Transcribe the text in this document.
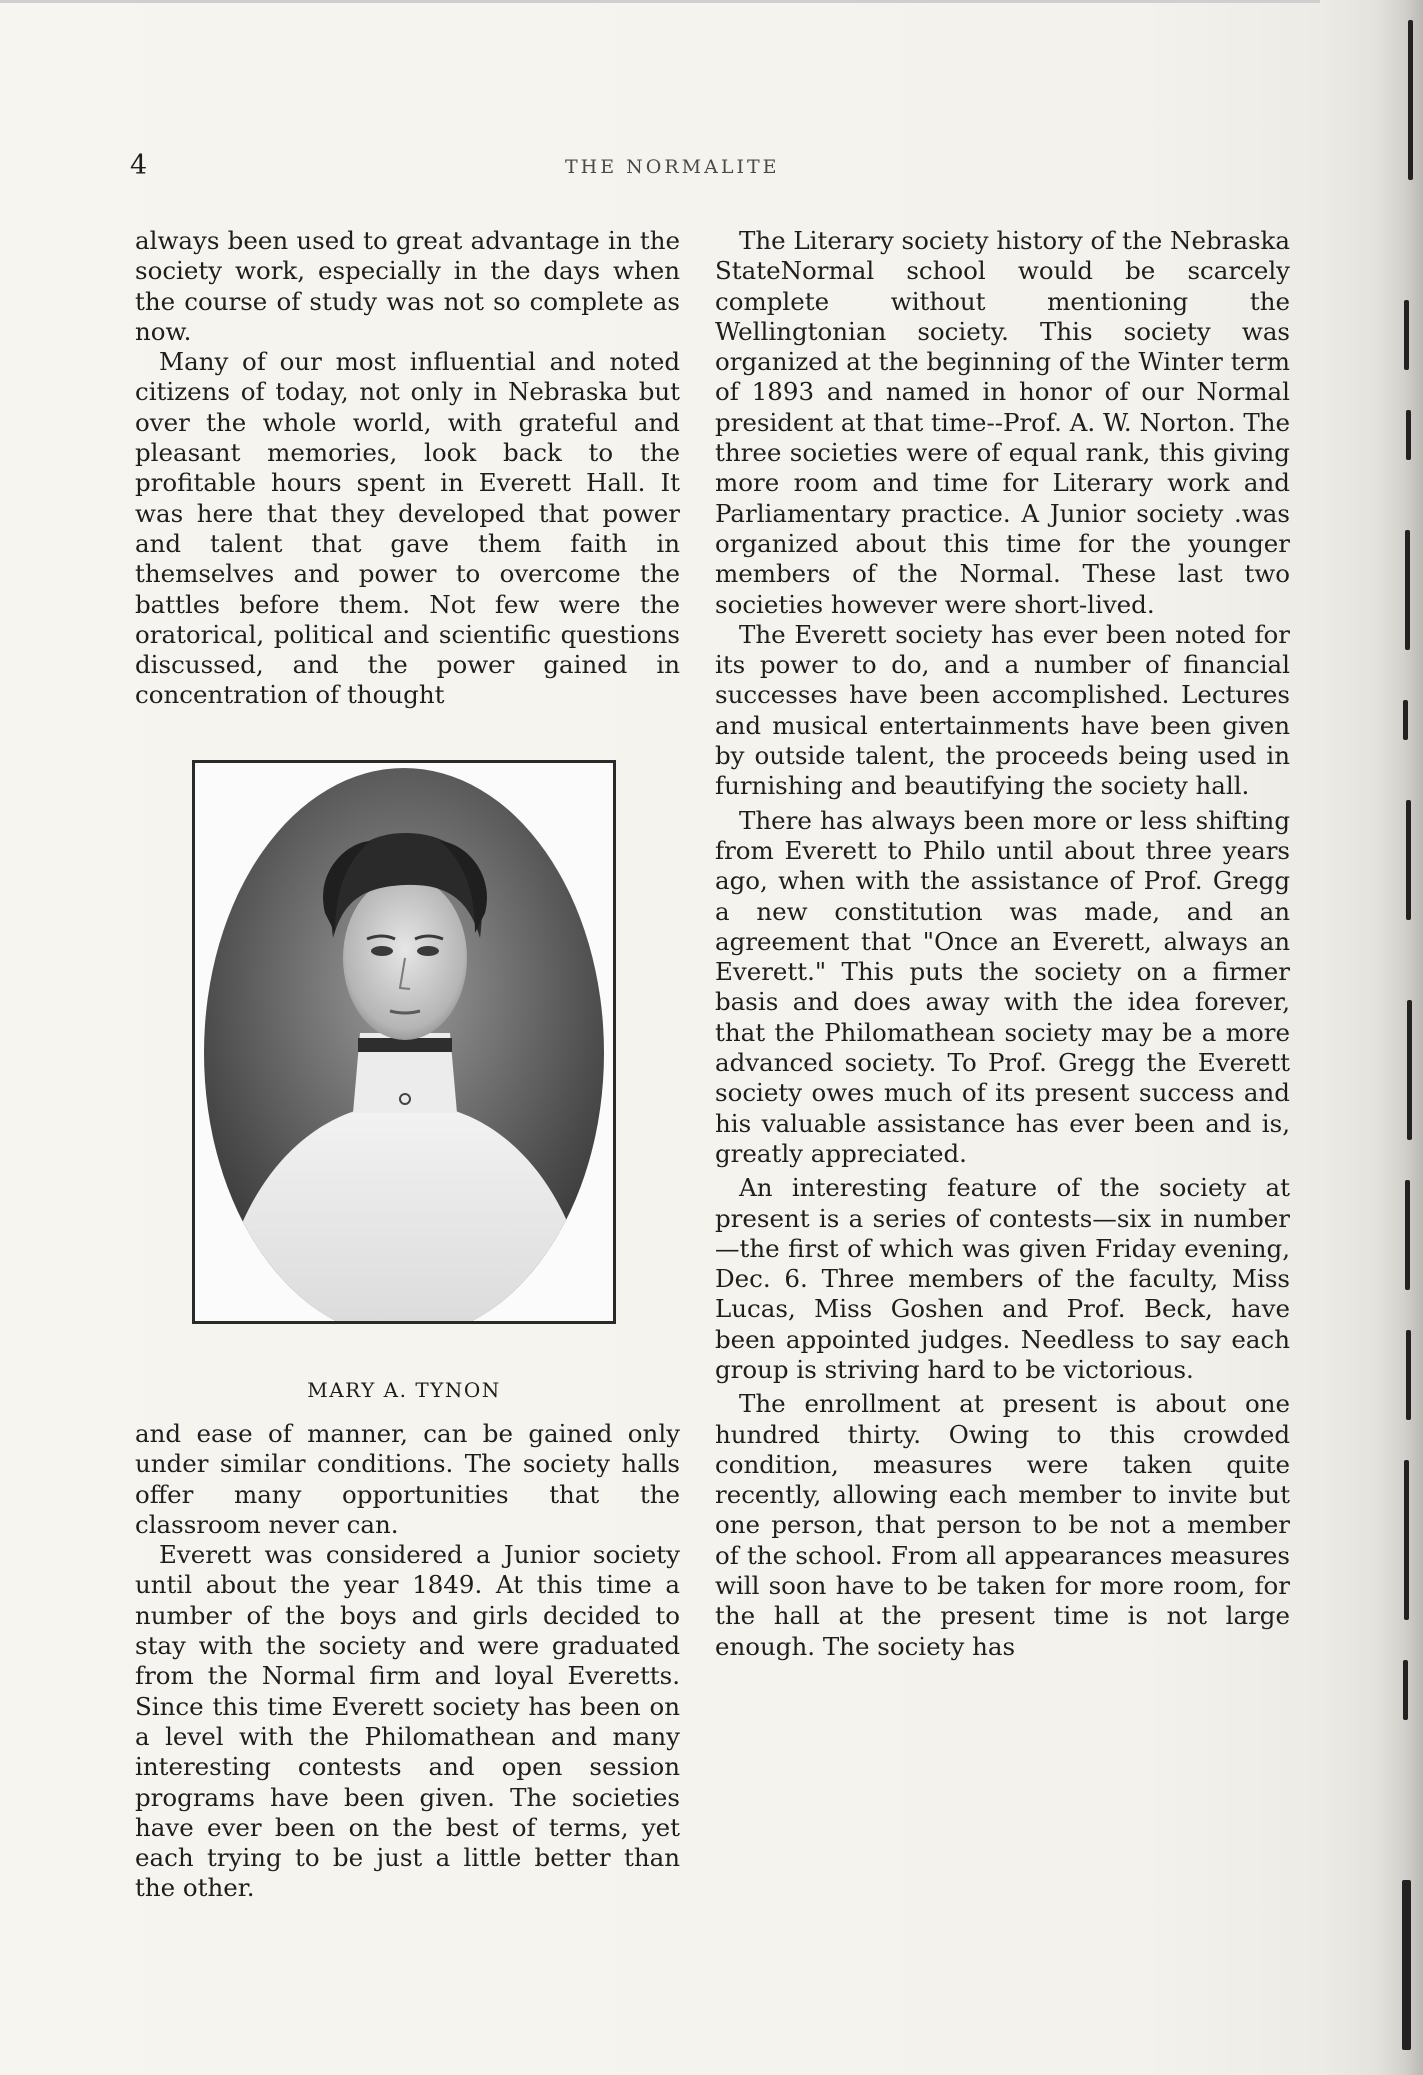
4	THE NORMALITE

always been used to great advantage in the society work, especially in the days when the course of study was not so complete as now.

Many of our most influential and noted citizens of today, not only in Nebraska but over the whole world, with grateful and pleasant memories, look back to the profitable hours spent in Everett Hall. It was here that they developed that power and talent that gave them faith in themselves and power to overcome the battles before them. Not few were the oratorical, political and scientific questions discussed, and the power gained in concentration of thought

MARY A. TYNON

and ease of manner, can be gained only under similar conditions. The society halls offer many opportunities that the classroom never can.

Everett was considered a Junior society until about the year 1849. At this time a number of the boys and girls decided to stay with the society and were graduated from the Normal firm and loyal Everetts. Since this time Everett society has been on a level with the Philomathean and many interesting contests and open session programs have been given. The societies have ever been on the best of terms, yet each trying to be just a little better than the other.

The Literary society history of the Nebraska StateNormal school would be scarcely complete without mentioning the Wellingtonian society. This society was organized at the beginning of the Winter term of 1893 and named in honor of our Normal president at that time--Prof. A. W. Norton. The three societies were of equal rank, this giving more room and time for Literary work and Parliamentary practice. A Junior society .was organized about this time for the younger members of the Normal. These last two societies however were short-lived.

The Everett society has ever been noted for its power to do, and a number of financial successes have been accomplished. Lectures and musical entertainments have been given by outside talent, the proceeds being used in furnishing and beautifying the society hall.

There has always been more or less shifting from Everett to Philo until about three years ago, when with the assistance of Prof. Gregg a new constitution was made, and an agreement that "Once an Everett, always an Everett." This puts the society on a firmer basis and does away with the idea forever, that the Philomathean society may be a more advanced society. To Prof. Gregg the Everett society owes much of its present success and his valuable assistance has ever been and is, greatly appreciated.

An interesting feature of the society at present is a series of contests—six in number—the first of which was given Friday evening, Dec. 6. Three members of the faculty, Miss Lucas, Miss Goshen and Prof. Beck, have been appointed judges. Needless to say each group is striving hard to be victorious.

The enrollment at present is about one hundred thirty. Owing to this crowded condition, measures were taken quite recently, allowing each member to invite but one person, that person to be not a member of the school. From all appearances measures will soon have to be taken for more room, for the hall at the present time is not large enough. The society has
